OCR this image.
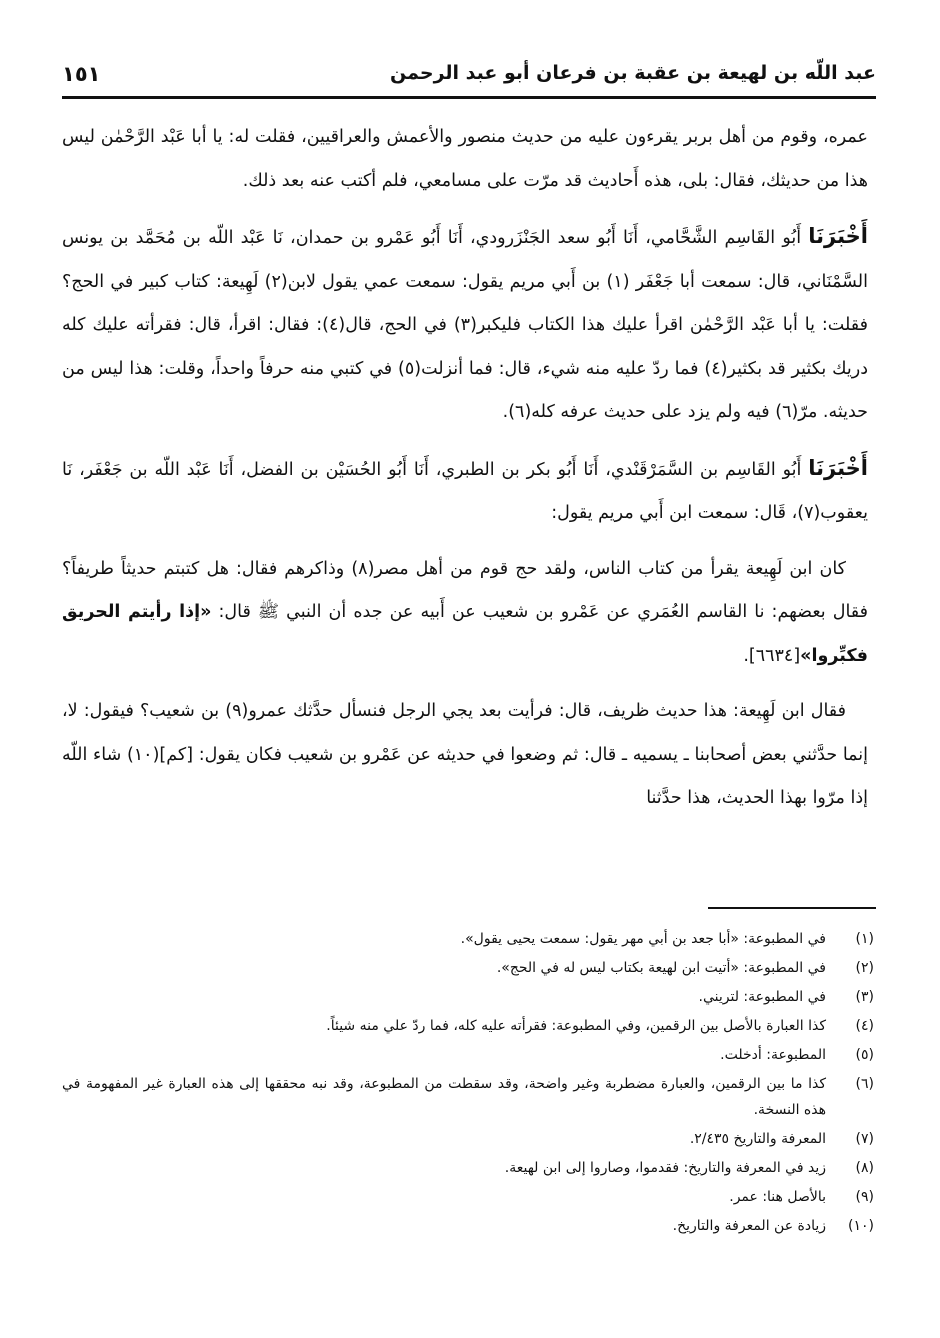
عبد اللّه بن لهيعة بن عقبة بن فرعان أبو عبد الرحمن
١٥١

عمره، وقوم من أهل بربر يقرءون عليه من حديث منصور والأعمش والعراقيين، فقلت له: يا أبا عَبْد الرَّحْمٰن ليس هذا من حديثك، فقال: بلى، هذه أَحاديث قد مرّت على مسامعي، فلم أكتب عنه بعد ذلك.

أَخْبَرَنَا أَبُو القَاسِم الشَّحَّامي، أَنَا أَبُو سعد الجَنْزَرودي، أَنَا أَبُو عَمْرو بن حمدان، نَا عَبْد اللّه بن مُحَمَّد بن يونس السَّمْنَاني، قال: سمعت أبا جَعْفَر (١) بن أَبي مريم يقول: سمعت عمي يقول لابن(٢) لَهِيعة: كتاب كبير في الحج؟ فقلت: يا أبا عَبْد الرَّحْمٰن اقرأ عليك هذا الكتاب فليكبر(٣) في الحج، قال(٤): فقال: اقرأ، قال: فقرأته عليك كله دريك بكثير قد بكثير(٤) فما ردّ عليه منه شيء، قال: فما أنزلت(٥) في كتبي منه حرفاً واحداً، وقلت: هذا ليس من حديثه. مرّ(٦) فيه ولم يزد على حديث عرفه كله(٦).

أَخْبَرَنَا أَبُو القَاسِم بن السَّمَرْقَنْدي، أَنَا أَبُو بكر بن الطبري، أَنَا أَبُو الحُسَيْن بن الفضل، أَنَا عَبْد اللّه بن جَعْفَر، نَا يعقوب(٧)، قَال: سمعت ابن أَبي مريم يقول:

كان ابن لَهِيعة يقرأ من كتاب الناس، ولقد حج قوم من أهل مصر(٨) وذاكرهم فقال: هل كتبتم حديثاً طريفاً؟ فقال بعضهم: نا القاسم العُمَري عن عَمْرو بن شعيب عن أَبيه عن جده أن النبي ﷺ قال: «إذا رأيتم الحريق فكبِّروا»[٦٦٣٤].

فقال ابن لَهِيعة: هذا حديث ظريف، قال: فرأيت بعد يجي الرجل فنسأل حدَّثك عمرو(٩) بن شعيب؟ فيقول: لا، إنما حدَّثني بعض أصحابنا ـ يسميه ـ قال: ثم وضعوا في حديثه عن عَمْرو بن شعيب فكان يقول: [كم](١٠) شاء اللّه إذا مرّوا بهذا الحديث، هذا حدَّثنا

(١)
في المطبوعة: «أبا جعد بن أبي مهر يقول: سمعت يحيى يقول».
(٢)
في المطبوعة: «أتيت ابن لهيعة بكتاب ليس له في الحج».
(٣)
في المطبوعة: لتريني.
(٤)
كذا العبارة بالأصل بين الرقمين، وفي المطبوعة: فقرأته عليه كله، فما ردّ علي منه شيئاً.
(٥)
المطبوعة: أدخلت.
(٦)
كذا ما بين الرقمين، والعبارة مضطربة وغير واضحة، وقد سقطت من المطبوعة، وقد نبه محققها إلى هذه العبارة غير المفهومة في هذه النسخة.
(٧)
المعرفة والتاريخ ٢/٤٣٥.
(٨)
زيد في المعرفة والتاريخ: فقدموا، وصاروا إلى ابن لهيعة.
(٩)
بالأصل هنا: عمر.
(١٠)
زيادة عن المعرفة والتاريخ.
